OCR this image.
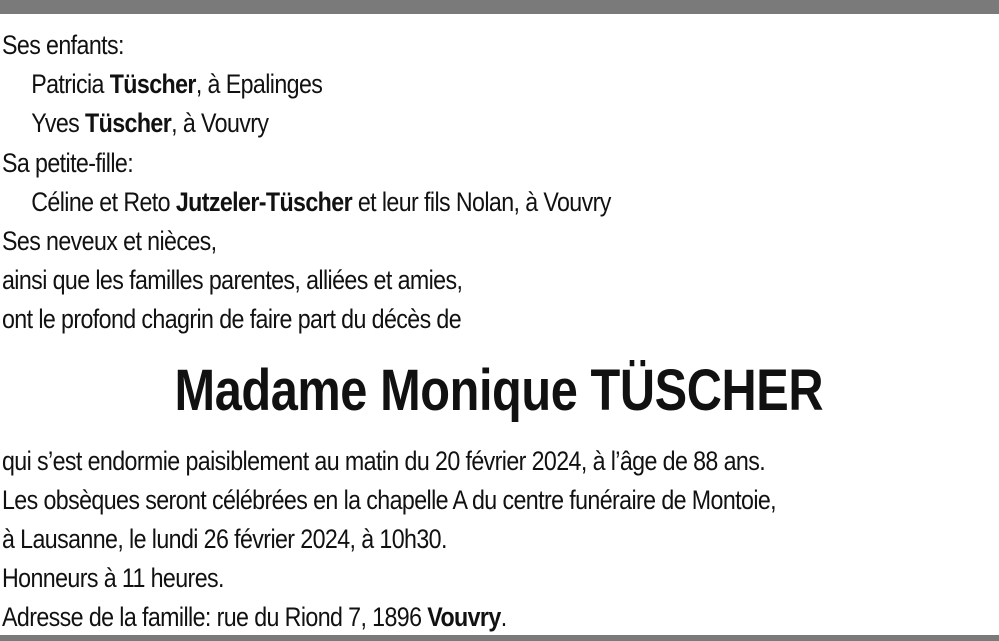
Ses enfants:
Patricia Tüscher, à Epalinges
Yves Tüscher, à Vouvry
Sa petite-fille:
Céline et Reto Jutzeler-Tüscher et leur fils Nolan, à Vouvry
Ses neveux et nièces,
ainsi que les familles parentes, alliées et amies,
ont le profond chagrin de faire part du décès de
Madame Monique TÜSCHER
qui s’est endormie paisiblement au matin du 20 février 2024, à l’âge de 88 ans.
Les obsèques seront célébrées en la chapelle A du centre funéraire de Montoie,
à Lausanne, le lundi 26 février 2024, à 10h30.
Honneurs à 11 heures.
Adresse de la famille: rue du Riond 7, 1896 Vouvry.
